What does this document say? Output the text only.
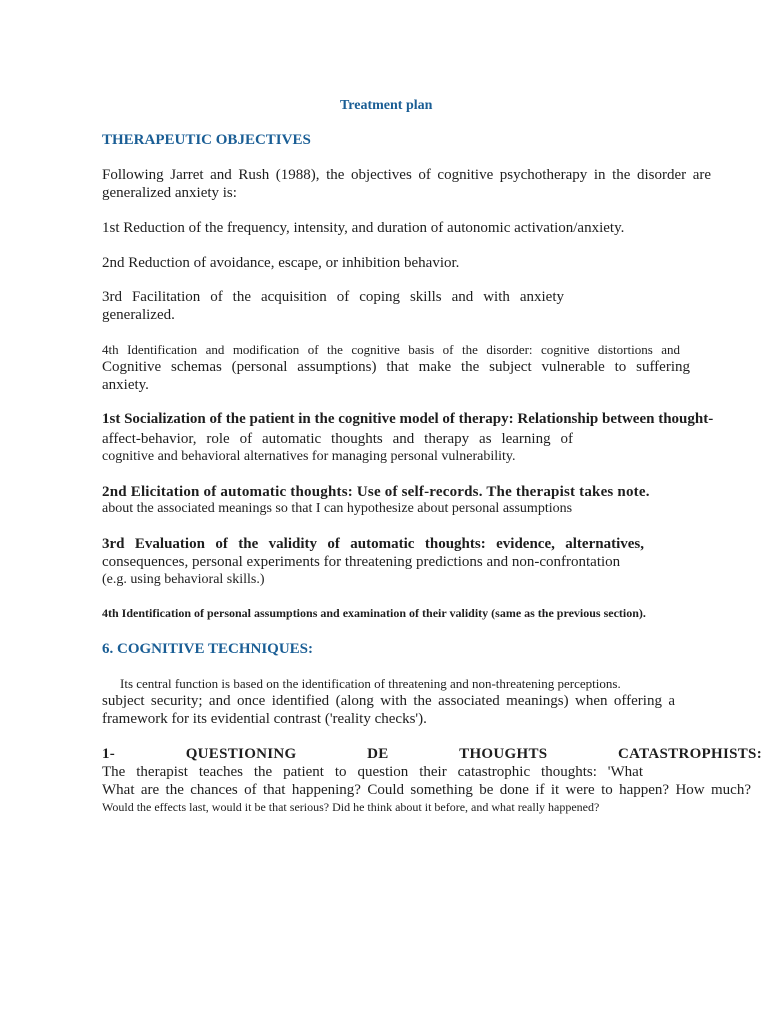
Treatment plan
THERAPEUTIC OBJECTIVES
Following Jarret and Rush (1988), the objectives of cognitive psychotherapy in the disorder are
generalized anxiety is:
1st Reduction of the frequency, intensity, and duration of autonomic activation/anxiety.
2nd Reduction of avoidance, escape, or inhibition behavior.
3rd Facilitation of the acquisition of coping skills and with anxiety
generalized.
4th Identification and modification of the cognitive basis of the disorder: cognitive distortions and
Cognitive schemas (personal assumptions) that make the subject vulnerable to suffering
anxiety.
1st Socialization of the patient in the cognitive model of therapy: Relationship between thought-
affect-behavior, role of automatic thoughts and therapy as learning of
cognitive and behavioral alternatives for managing personal vulnerability.
2nd Elicitation of automatic thoughts: Use of self-records. The therapist takes note.
about the associated meanings so that I can hypothesize about personal assumptions
3rd Evaluation of the validity of automatic thoughts: evidence, alternatives,
consequences, personal experiments for threatening predictions and non-confrontation
(e.g. using behavioral skills.)
4th Identification of personal assumptions and examination of their validity (same as the previous section).
6. COGNITIVE TECHNIQUES:
Its central function is based on the identification of threatening and non-threatening perceptions.
subject security; and once identified (along with the associated meanings) when offering a
framework for its evidential contrast ('reality checks').
1-	QUESTIONING	DE	THOUGHTS	CATASTROPHISTS:
The therapist teaches the patient to question their catastrophic thoughts: 'What
What are the chances of that happening? Could something be done if it were to happen? How much?
Would the effects last, would it be that serious? Did he think about it before, and what really happened?
